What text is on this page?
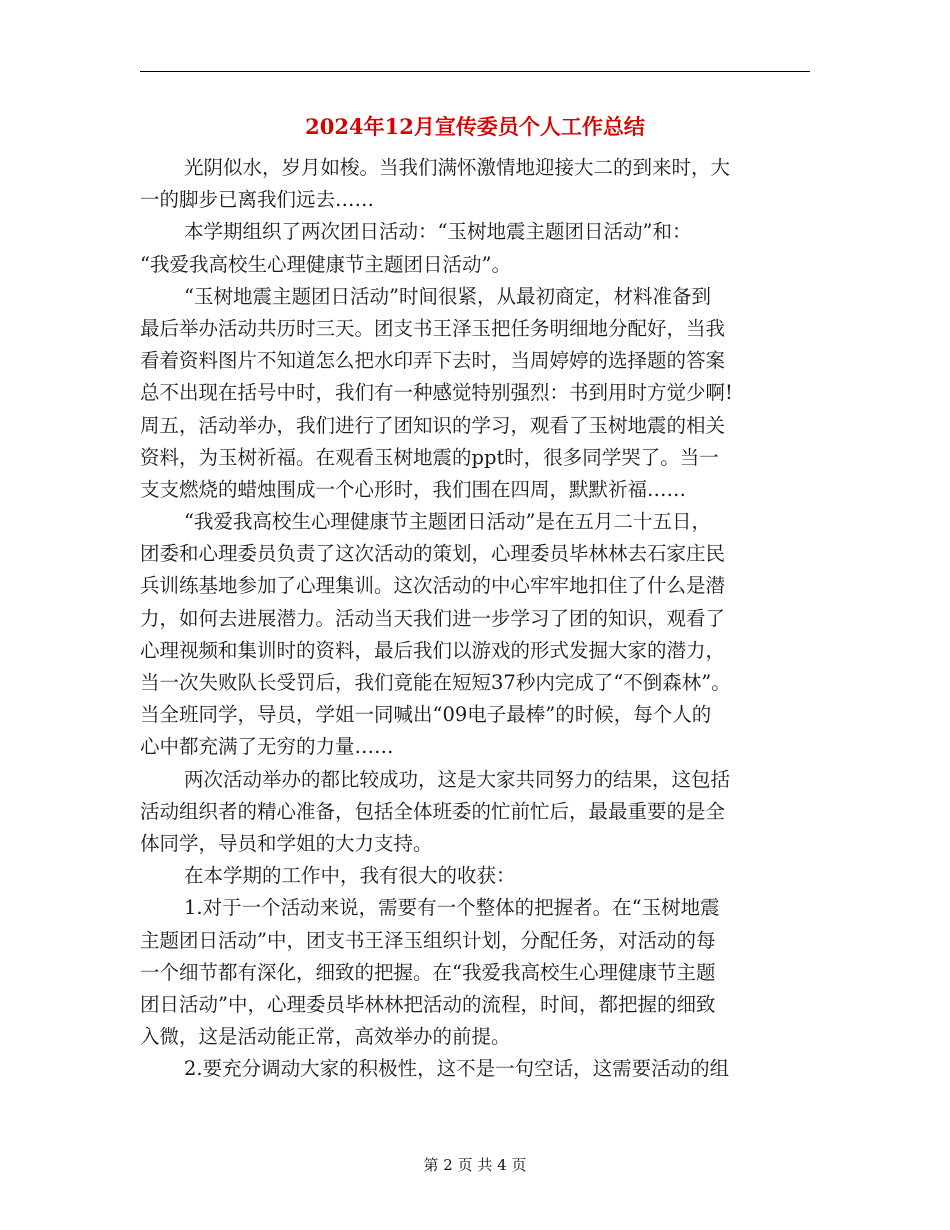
2024年12月宣传委员个人工作总结
光阴似水，岁月如梭。当我们满怀激情地迎接大二的到来时，大
一的脚步已离我们远去……
本学期组织了两次团日活动：“玉树地震主题团日活动”和：
“我爱我高校生心理健康节主题团日活动”。
“玉树地震主题团日活动”时间很紧，从最初商定，材料准备到
最后举办活动共历时三天。团支书王泽玉把任务明细地分配好，当我
看着资料图片不知道怎么把水印弄下去时，当周婷婷的选择题的答案
总不出现在括号中时，我们有一种感觉特别强烈：书到用时方觉少啊!
周五，活动举办，我们进行了团知识的学习，观看了玉树地震的相关
资料，为玉树祈福。在观看玉树地震的ppt时，很多同学哭了。当一
支支燃烧的蜡烛围成一个心形时，我们围在四周，默默祈福……
“我爱我高校生心理健康节主题团日活动”是在五月二十五日，
团委和心理委员负责了这次活动的策划，心理委员毕林林去石家庄民
兵训练基地参加了心理集训。这次活动的中心牢牢地扣住了什么是潜
力，如何去进展潜力。活动当天我们进一步学习了团的知识，观看了
心理视频和集训时的资料，最后我们以游戏的形式发掘大家的潜力，
当一次失败队长受罚后，我们竟能在短短37秒内完成了“不倒森林”。
当全班同学，导员，学姐一同喊出“09电子最棒”的时候，每个人的
心中都充满了无穷的力量……
两次活动举办的都比较成功，这是大家共同努力的结果，这包括
活动组织者的精心准备，包括全体班委的忙前忙后，最最重要的是全
体同学，导员和学姐的大力支持。
在本学期的工作中，我有很大的收获：
1.对于一个活动来说，需要有一个整体的把握者。在“玉树地震
主题团日活动”中，团支书王泽玉组织计划，分配任务，对活动的每
一个细节都有深化，细致的把握。在“我爱我高校生心理健康节主题
团日活动”中，心理委员毕林林把活动的流程，时间，都把握的细致
入微，这是活动能正常，高效举办的前提。
2.要充分调动大家的积极性，这不是一句空话，这需要活动的组
第 2 页 共 4 页
